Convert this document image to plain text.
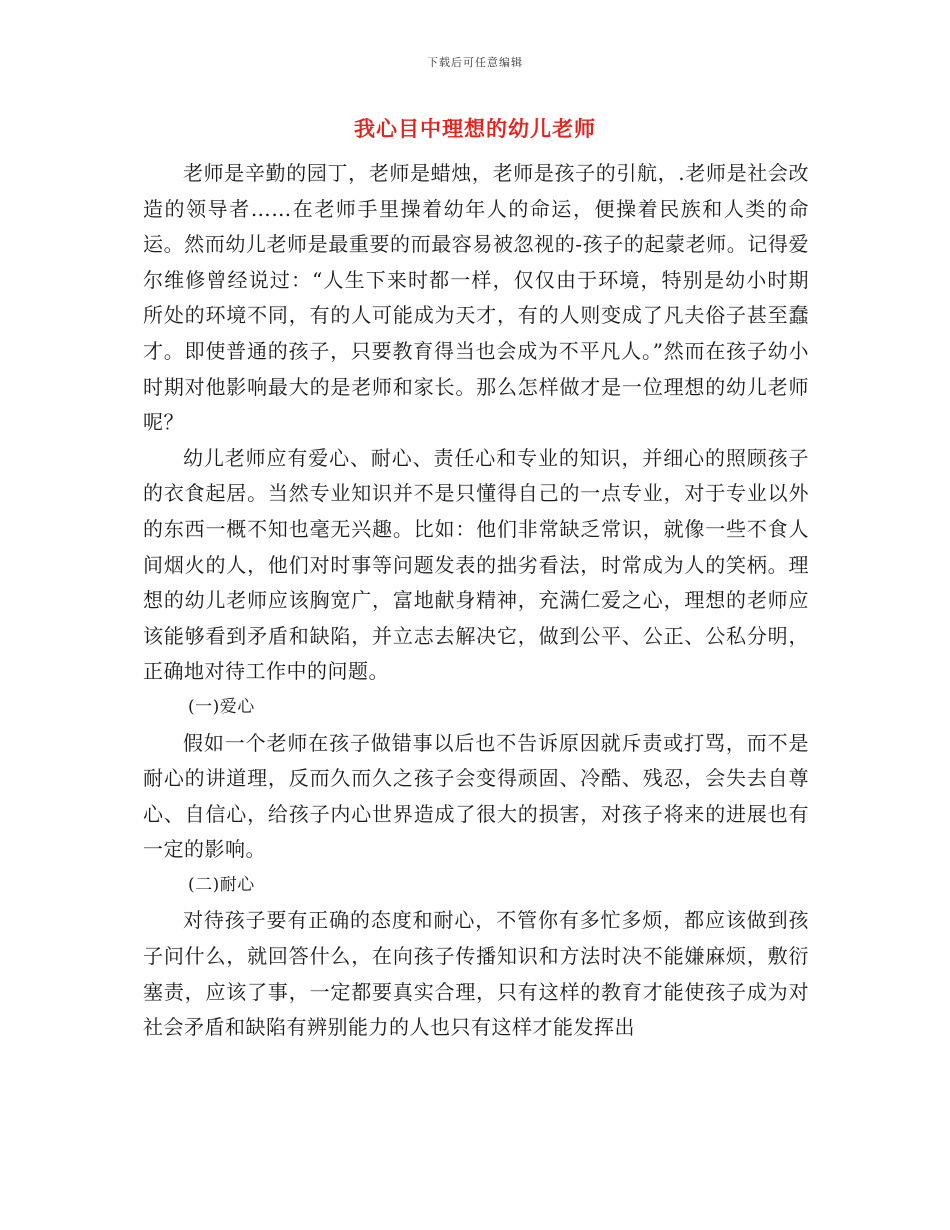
下载后可任意编辑
我心目中理想的幼儿老师

老师是辛勤的园丁，老师是蜡烛，老师是孩子的引航，.老师是社会改造的领导者……在老师手里操着幼年人的命运，便操着民族和人类的命运。然而幼儿老师是最重要的而最容易被忽视的-孩子的起蒙老师。记得爱尔维修曾经说过：“人生下来时都一样，仅仅由于环境，特别是幼小时期所处的环境不同，有的人可能成为天才，有的人则变成了凡夫俗子甚至蠢才。即使普通的孩子，只要教育得当也会成为不平凡人。”然而在孩子幼小时期对他影响最大的是老师和家长。那么怎样做才是一位理想的幼儿老师呢？

幼儿老师应有爱心、耐心、责任心和专业的知识，并细心的照顾孩子的衣食起居。当然专业知识并不是只懂得自己的一点专业，对于专业以外的东西一概不知也毫无兴趣。比如：他们非常缺乏常识，就像一些不食人间烟火的人，他们对时事等问题发表的拙劣看法，时常成为人的笑柄。理想的幼儿老师应该胸宽广，富地献身精神，充满仁爱之心，理想的老师应该能够看到矛盾和缺陷，并立志去解决它，做到公平、公正、公私分明，正确地对待工作中的问题。

(一)爱心

假如一个老师在孩子做错事以后也不告诉原因就斥责或打骂，而不是耐心的讲道理，反而久而久之孩子会变得顽固、冷酷、残忍，会失去自尊心、自信心，给孩子内心世界造成了很大的损害，对孩子将来的进展也有一定的影响。

(二)耐心

对待孩子要有正确的态度和耐心，不管你有多忙多烦，都应该做到孩子问什么，就回答什么，在向孩子传播知识和方法时决不能嫌麻烦，敷衍塞责，应该了事，一定都要真实合理，只有这样的教育才能使孩子成为对社会矛盾和缺陷有辨别能力的人也只有这样才能发挥出
